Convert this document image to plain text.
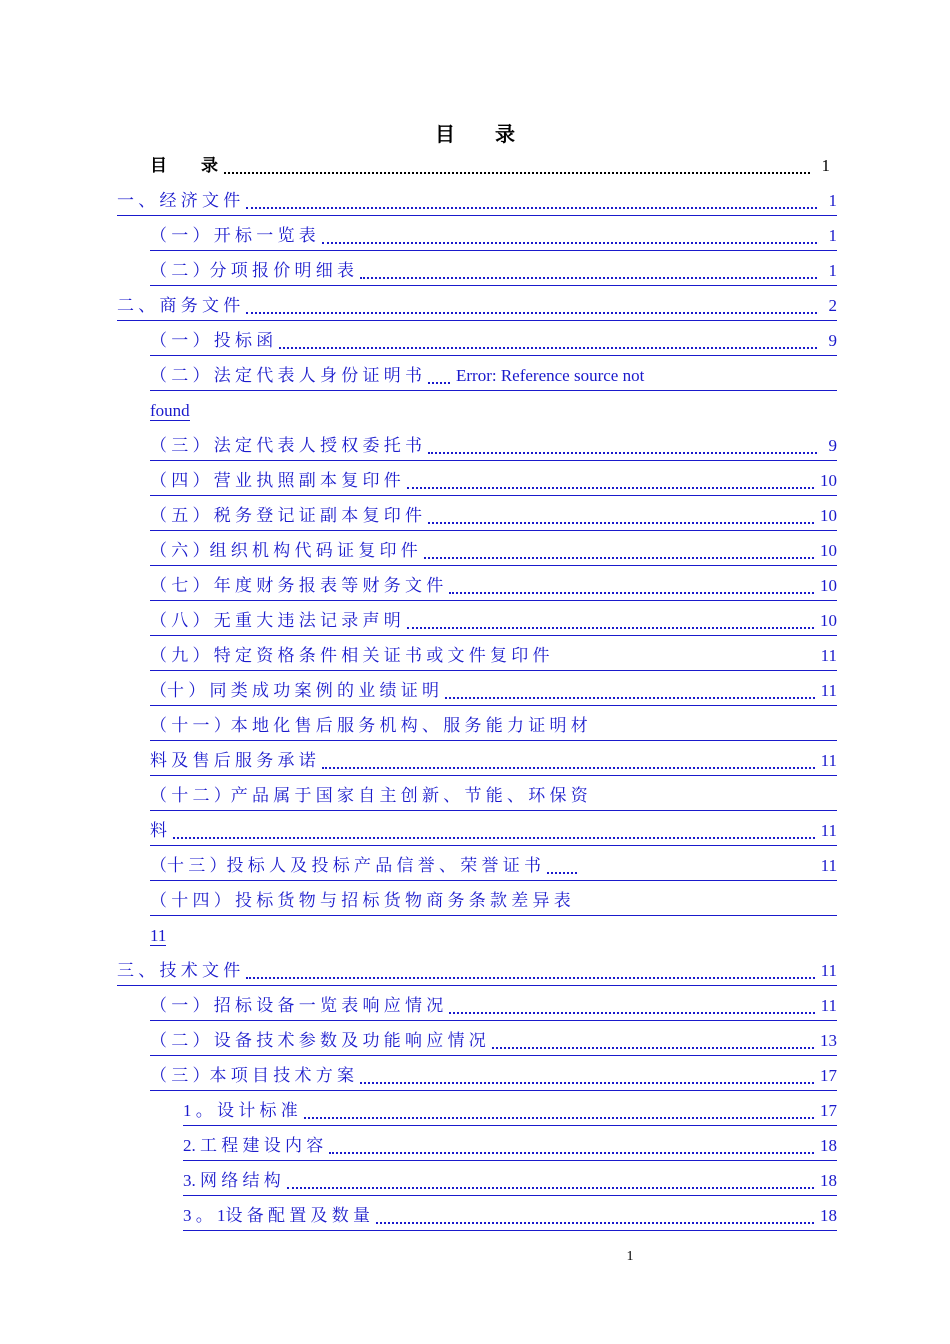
目　　录
目　　录	1
一 、 经 济 文 件	1
（ 一 ） 开 标 一 览 表	1
（ 二 ）分 项 报 价 明 细 表	1
二 、 商 务 文 件	2
（ 一 ） 投 标 函	9
（ 二 ） 法 定 代 表 人 身 份 证 明 书 Error: Reference source not
found
（ 三 ） 法 定 代 表 人 授 权 委 托 书	9
（ 四 ） 营 业 执 照 副 本 复 印 件	10
（ 五 ） 税 务 登 记 证 副 本 复 印 件	10
（ 六 ）组 织 机 构 代 码 证 复 印 件	10
（ 七 ） 年 度 财 务 报 表 等 财 务 文 件	10
（ 八 ） 无 重 大 违 法 记 录 声 明	10
（ 九 ） 特 定 资 格 条 件 相 关 证 书 或 文 件 复 印 件	11
（十 ） 同 类 成 功 案 例 的 业 绩 证 明	11
（ 十 一 ）本 地 化 售 后 服 务 机 构 、 服 务 能 力 证 明 材
料 及 售 后 服 务 承 诺	11
（ 十 二 ）产 品 属 于 国 家 自 主 创 新 、 节 能 、 环 保 资
料	11
（十 三 ）投 标 人 及 投 标 产 品 信 誉 、 荣 誉 证 书	11
（ 十 四 ） 投 标 货 物 与 招 标 货 物 商 务 条 款 差 异 表
11
三 、 技 术 文 件	11
（ 一 ） 招 标 设 备 一 览 表 响 应 情 况	11
（ 二 ） 设 备 技 术 参 数 及 功 能 响 应 情 况	13
（ 三 ）本 项 目 技 术 方 案	17
1 。 设 计 标 准	17
2. 工 程 建 设 内 容	18
3. 网 络 结 构	18
3 。 1设 备 配 置 及 数 量	18
1
